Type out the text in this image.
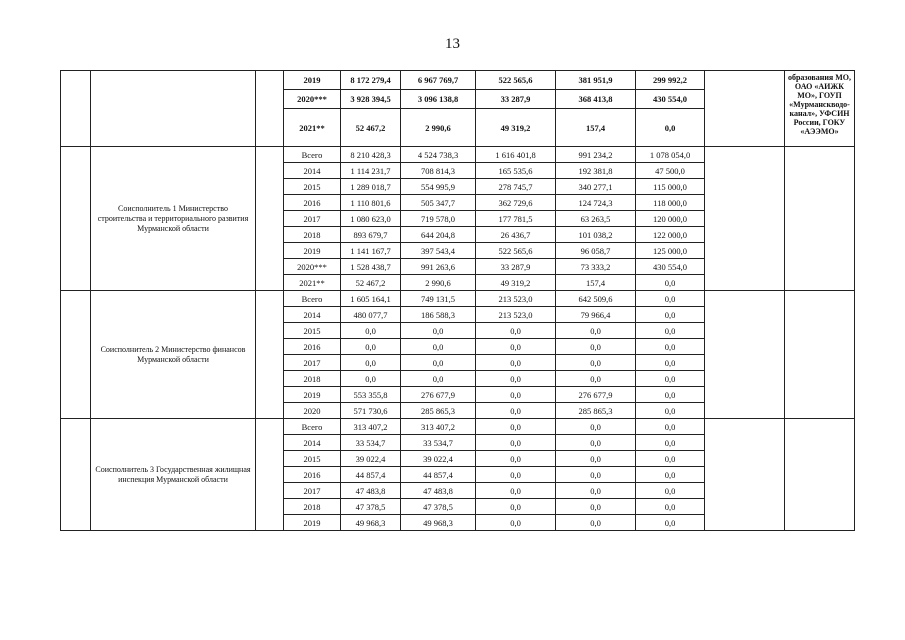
13
			2019	8 172 279,4	6 967 769,7	522 565,6	381 951,9	299 992,2		образования МО, ОАО «АИЖК МО», ГОУП «Мурманскводо-канал», УФСИН России, ГОКУ «АЭЭМО»
			2020***	3 928 394,5	3 096 138,8	33 287,9	368 413,8	430 554,0		
			2021**	52 467,2	2 990,6	49 319,2	157,4	0,0		
	Соисполнитель 1 Министерство строительства и территориального развития Мурманской области		Всего	8 210 428,3	4 524 738,3	1 616 401,8	991 234,2	1 078 054,0		
			2014	1 114 231,7	708 814,3	165 535,6	192 381,8	47 500,0		
			2015	1 289 018,7	554 995,9	278 745,7	340 277,1	115 000,0		
			2016	1 110 801,6	505 347,7	362 729,6	124 724,3	118 000,0		
			2017	1 080 623,0	719 578,0	177 781,5	63 263,5	120 000,0		
			2018	893 679,7	644 204,8	26 436,7	101 038,2	122 000,0		
			2019	1 141 167,7	397 543,4	522 565,6	96 058,7	125 000,0		
			2020***	1 528 438,7	991 263,6	33 287,9	73 333,2	430 554,0		
			2021**	52 467,2	2 990,6	49 319,2	157,4	0,0		
	Соисполнитель 2 Министерство финансов Мурманской области		Всего	1 605 164,1	749 131,5	213 523,0	642 509,6	0,0		
			2014	480 077,7	186 588,3	213 523,0	79 966,4	0,0		
			2015	0,0	0,0	0,0	0,0	0,0		
			2016	0,0	0,0	0,0	0,0	0,0		
			2017	0,0	0,0	0,0	0,0	0,0		
			2018	0,0	0,0	0,0	0,0	0,0		
			2019	553 355,8	276 677,9	0,0	276 677,9	0,0		
			2020	571 730,6	285 865,3	0,0	285 865,3	0,0		
	Соисполнитель 3 Государственная жилищная инспекция Мурманской области		Всего	313 407,2	313 407,2	0,0	0,0	0,0		
			2014	33 534,7	33 534,7	0,0	0,0	0,0		
			2015	39 022,4	39 022,4	0,0	0,0	0,0		
			2016	44 857,4	44 857,4	0,0	0,0	0,0		
			2017	47 483,8	47 483,8	0,0	0,0	0,0		
			2018	47 378,5	47 378,5	0,0	0,0	0,0		
			2019	49 968,3	49 968,3	0,0	0,0	0,0		
